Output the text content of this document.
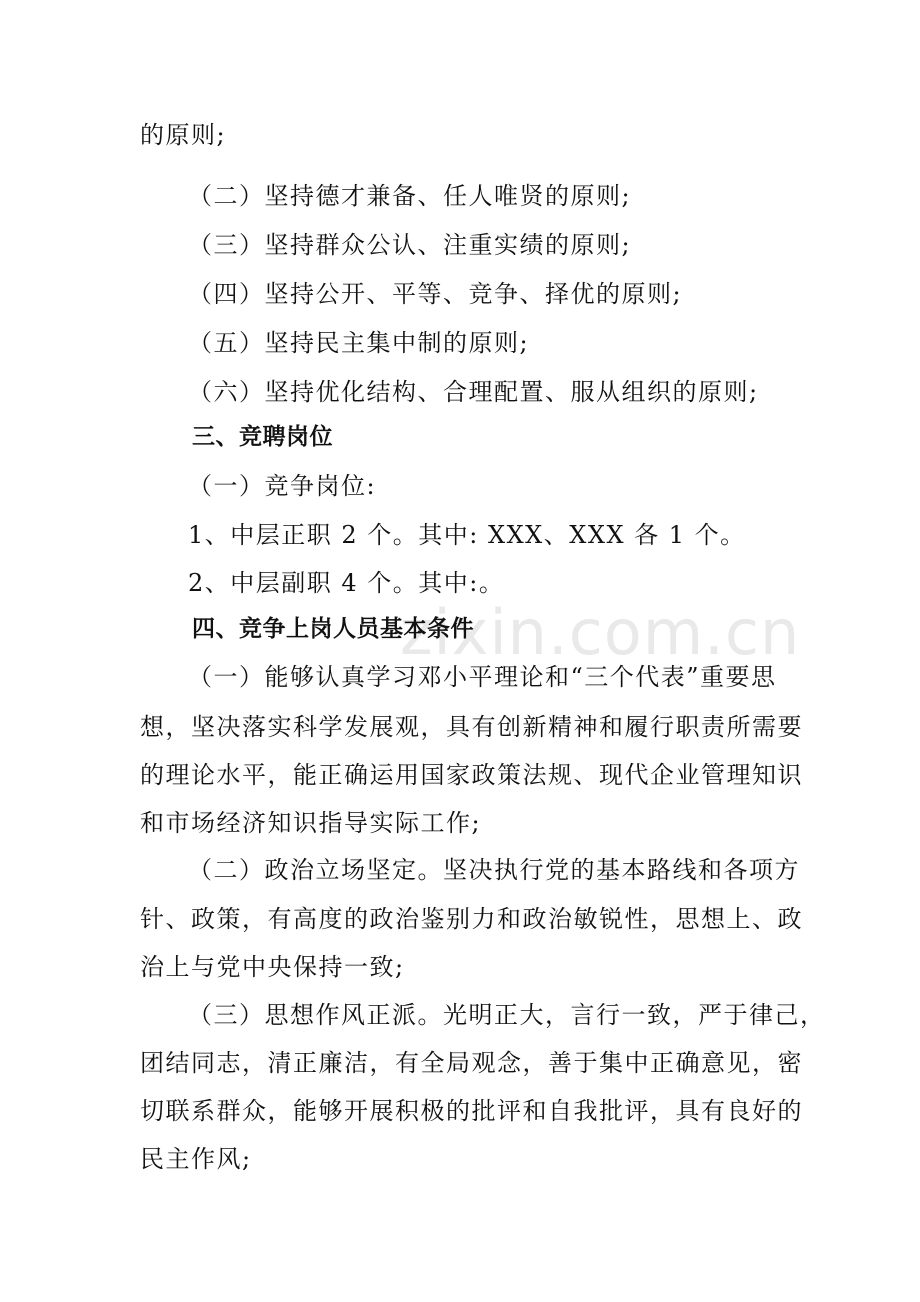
zixin.com.cn
的原则;
（二）坚持德才兼备、任人唯贤的原则;
（三）坚持群众公认、注重实绩的原则;
（四）坚持公开、平等、竞争、择优的原则;
（五）坚持民主集中制的原则;
（六）坚持优化结构、合理配置、服从组织的原则;
三、竞聘岗位
（一）竞争岗位:
1、中层正职 2 个。其中: XXX、XXX 各 1 个。
2、中层副职 4 个。其中:。
四、竞争上岗人员基本条件
（一）能够认真学习邓小平理论和“三个代表”重要思
想，坚决落实科学发展观，具有创新精神和履行职责所需要
的理论水平，能正确运用国家政策法规、现代企业管理知识
和市场经济知识指导实际工作;
（二）政治立场坚定。坚决执行党的基本路线和各项方
针、政策，有高度的政治鉴别力和政治敏锐性，思想上、政
治上与党中央保持一致;
（三）思想作风正派。光明正大，言行一致，严于律己，
团结同志，清正廉洁，有全局观念，善于集中正确意见，密
切联系群众，能够开展积极的批评和自我批评，具有良好的
民主作风;
